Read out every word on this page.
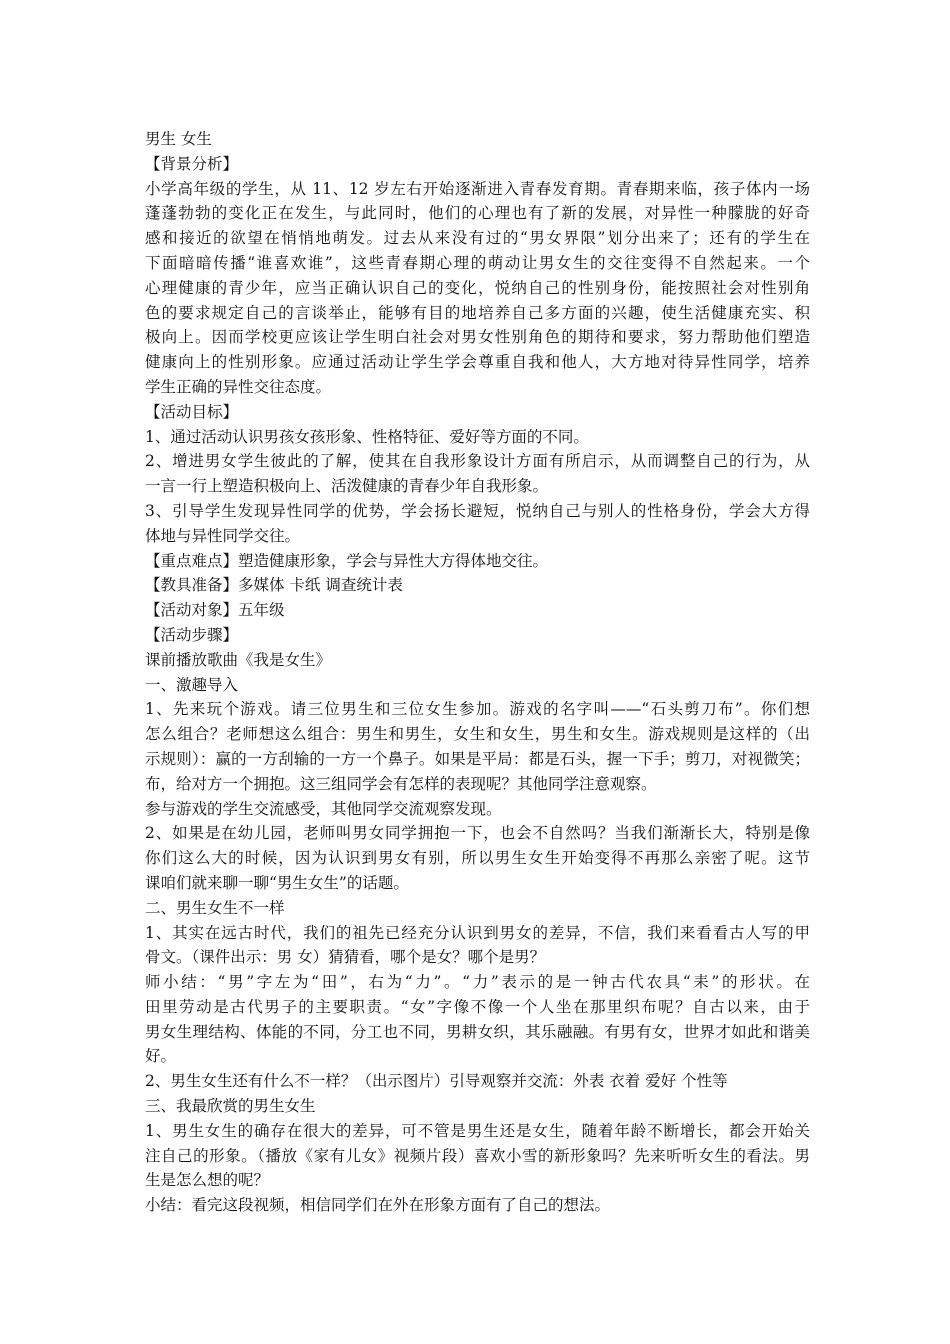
男生 女生
【背景分析】
小学高年级的学生，从 11、12 岁左右开始逐渐进入青春发育期。青春期来临，孩子体内一场
蓬蓬勃勃的变化正在发生，与此同时，他们的心理也有了新的发展，对异性一种朦胧的好奇
感和接近的欲望在悄悄地萌发。过去从来没有过的“男女界限”划分出来了；还有的学生在
下面暗暗传播“谁喜欢谁”，这些青春期心理的萌动让男女生的交往变得不自然起来。一个
心理健康的青少年，应当正确认识自己的变化，悦纳自己的性别身份，能按照社会对性别角
色的要求规定自己的言谈举止，能够有目的地培养自己多方面的兴趣，使生活健康充实、积
极向上。因而学校更应该让学生明白社会对男女性别角色的期待和要求，努力帮助他们塑造
健康向上的性别形象。应通过活动让学生学会尊重自我和他人，大方地对待异性同学，培养
学生正确的异性交往态度。
【活动目标】
1、通过活动认识男孩女孩形象、性格特征、爱好等方面的不同。
2、增进男女学生彼此的了解，使其在自我形象设计方面有所启示，从而调整自己的行为，从
一言一行上塑造积极向上、活泼健康的青春少年自我形象。
3、引导学生发现异性同学的优势，学会扬长避短，悦纳自己与别人的性格身份，学会大方得
体地与异性同学交往。
【重点难点】塑造健康形象，学会与异性大方得体地交往。
【教具准备】多媒体 卡纸 调查统计表
【活动对象】五年级
【活动步骤】
课前播放歌曲《我是女生》
一、激趣导入
1、先来玩个游戏。请三位男生和三位女生参加。游戏的名字叫——“石头剪刀布”。你们想
怎么组合？老师想这么组合：男生和男生，女生和女生，男生和女生。游戏规则是这样的（出
示规则）：赢的一方刮输的一方一个鼻子。如果是平局：都是石头，握一下手；剪刀，对视微笑；
布，给对方一个拥抱。这三组同学会有怎样的表现呢？其他同学注意观察。
参与游戏的学生交流感受，其他同学交流观察发现。
2、如果是在幼儿园，老师叫男女同学拥抱一下，也会不自然吗？当我们渐渐长大，特别是像
你们这么大的时候，因为认识到男女有别，所以男生女生开始变得不再那么亲密了呢。这节
课咱们就来聊一聊“男生女生”的话题。
二、男生女生不一样
1、其实在远古时代，我们的祖先已经充分认识到男女的差异，不信，我们来看看古人写的甲
骨文。（课件出示：男 女）猜猜看，哪个是女？哪个是男？
师小结：“男”字左为“田”，右为“力”。“力”表示的是一钟古代农具“耒”的形状。在
田里劳动是古代男子的主要职责。“女”字像不像一个人坐在那里织布呢？自古以来，由于
男女生理结构、体能的不同，分工也不同，男耕女织，其乐融融。有男有女，世界才如此和谐美
好。
2、男生女生还有什么不一样？（出示图片）引导观察并交流：外表 衣着 爱好 个性等
三、我最欣赏的男生女生
1、男生女生的确存在很大的差异，可不管是男生还是女生，随着年龄不断增长，都会开始关
注自己的形象。（播放《家有儿女》视频片段）喜欢小雪的新形象吗？先来听听女生的看法。男
生是怎么想的呢？
小结：看完这段视频，相信同学们在外在形象方面有了自己的想法。
